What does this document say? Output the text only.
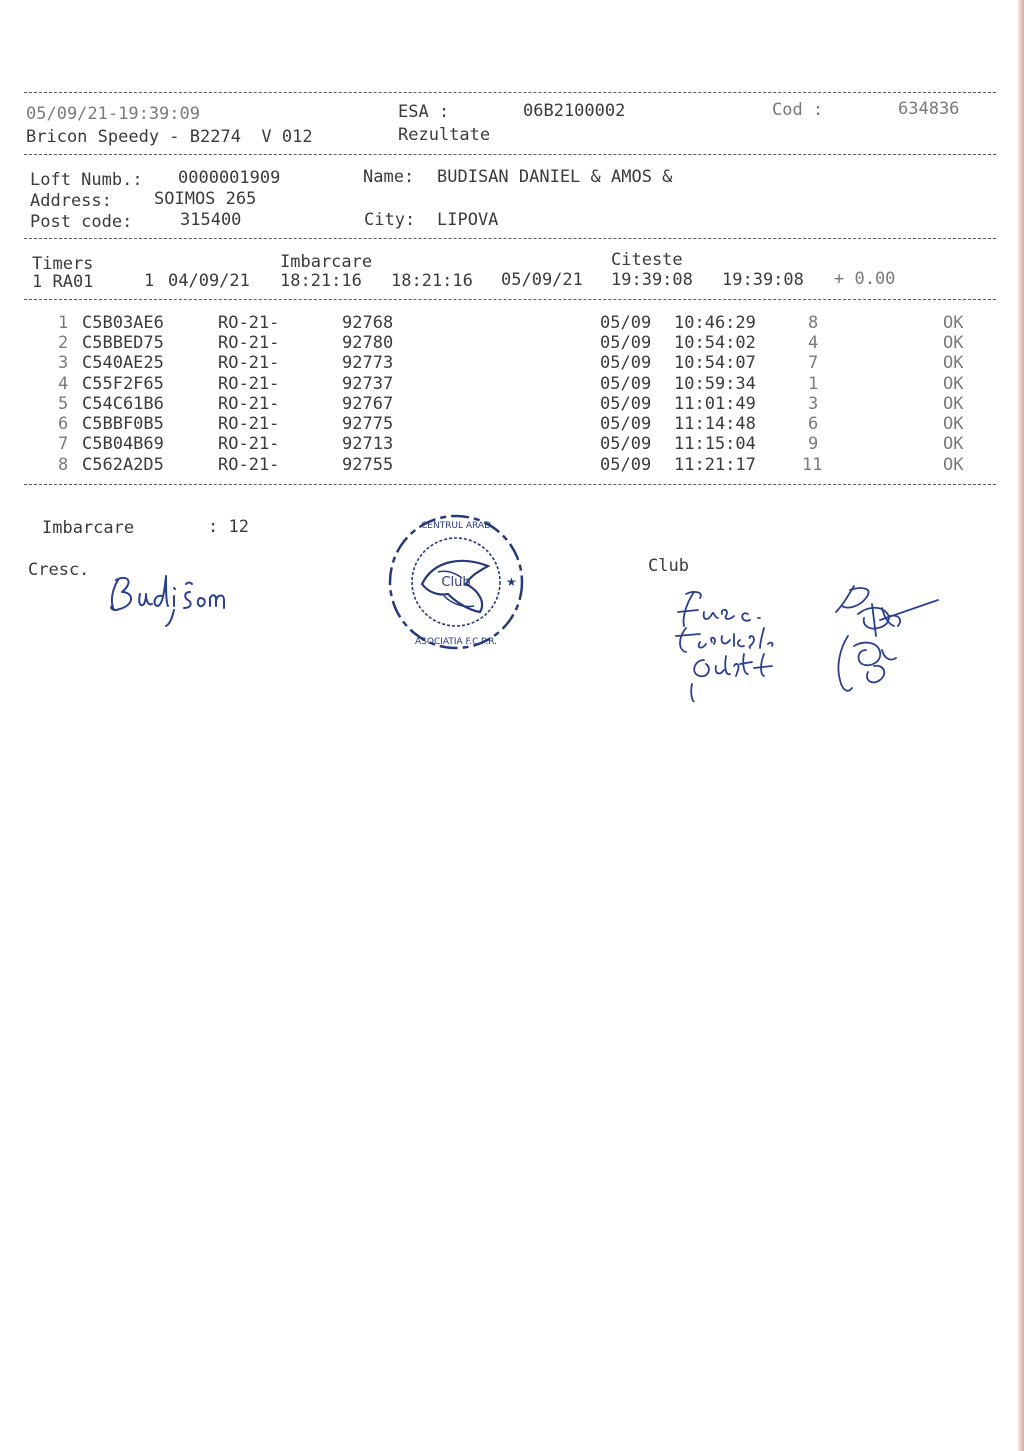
05/09/21-19:39:09	ESA :	06B2100002	Cod :	634836
Bricon Speedy - B2274  V 012	Rezultate
Loft Numb.: 0000001909	Name: BUDISAN DANIEL & AMOS &
Address: SOIMOS 265
Post code:	315400	City: LIPOVA
Timers	Imbarcare	Citeste
1 RA01	1 04/09/21 18:21:16 18:21:16 05/09/21 19:39:08 19:39:08 + 0.00
1 C5B03AE6	RO-21-	92768	05/09 10:46:29	8	OK
2 C5BBED75	RO-21-	92780	05/09 10:54:02	4	OK
3 C540AE25	RO-21-	92773	05/09 10:54:07	7	OK
4 C55F2F65	RO-21-	92737	05/09 10:59:34	1	OK
5 C54C61B6	RO-21-	92767	05/09 11:01:49	3	OK
6 C5BBF0B5	RO-21-	92775	05/09 11:14:48	6	OK
7 C5B04B69	RO-21-	92713	05/09 11:15:04	9	OK
8 C562A2D5	RO-21-	92755	05/09 11:21:17	11	OK
Imbarcare	: 12
Cresc.	Club
Club
CENTRUL ARAD
ASOCIATIA F.C.P.R.
★
